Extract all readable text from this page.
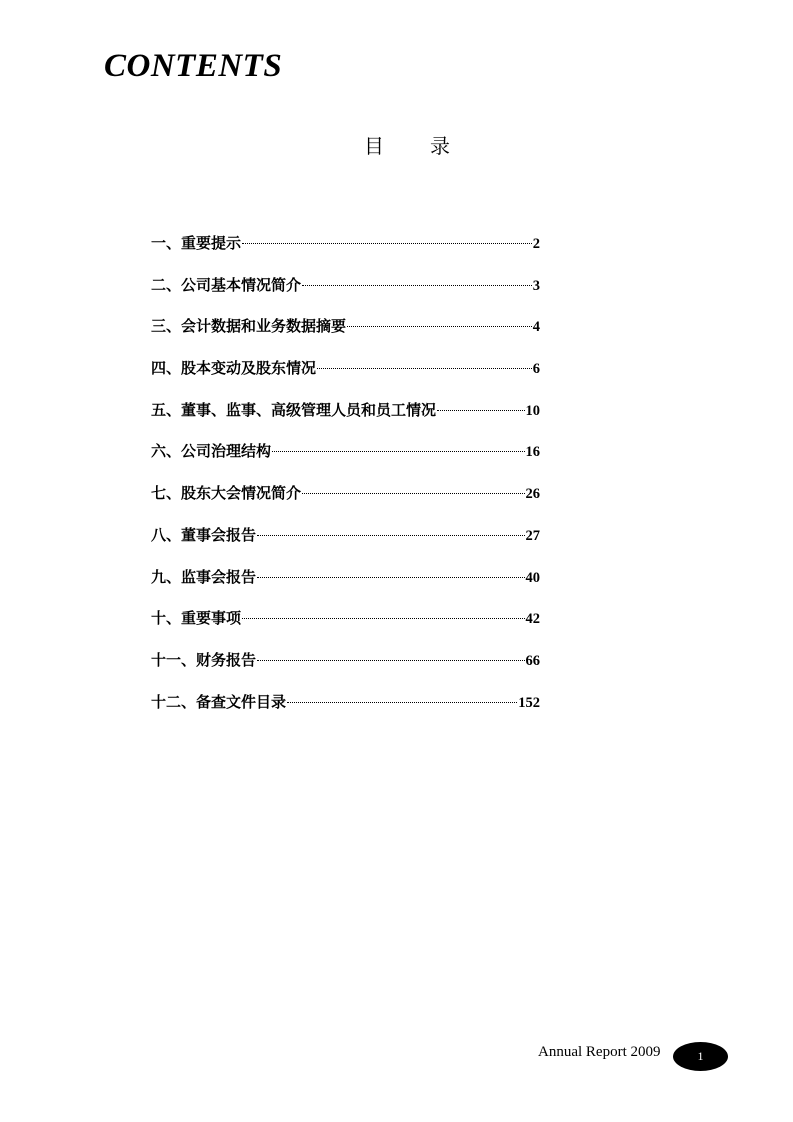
CONTENTS
目录
一、重要提示	2
二、公司基本情况简介	3
三、会计数据和业务数据摘要	4
四、股本变动及股东情况	6
五、董事、监事、高级管理人员和员工情况	10
六、公司治理结构	16
七、股东大会情况简介	26
八、董事会报告	27
九、监事会报告	40
十、重要事项	42
十一、财务报告	66
十二、备查文件目录	152
Annual Report 2009	1
